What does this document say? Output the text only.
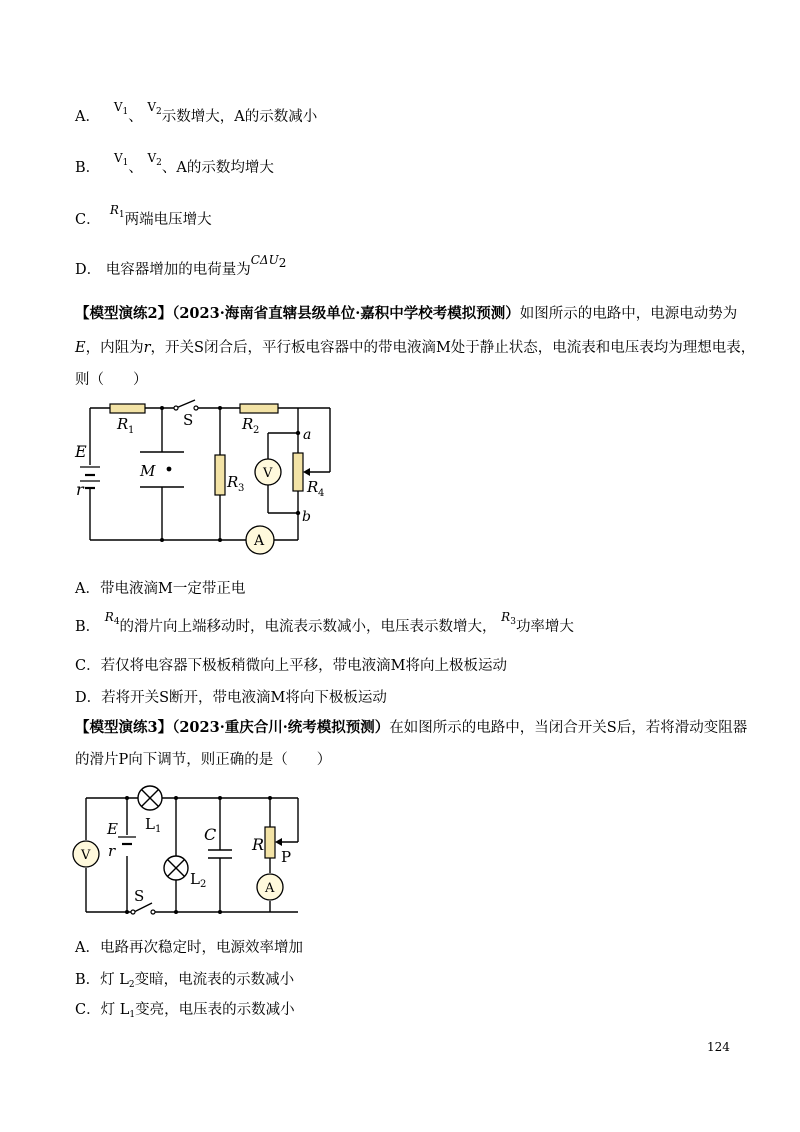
A．   $^{V_1}$、 $^{V_2}$示数增大，A的示数减小
B．   $^{V_1}$、 $^{V_2}$、A的示数均增大
C．  $^{R_1}$两端电压增大
D． 电容器增加的电荷量为$^{C\Delta U2}$
【模型演练2】（2023·海南省直辖县级单位·嘉积中学校考模拟预测）如图所示的电路中，电源电动势为
E，内阻为r，开关S闭合后，平行板电容器中的带电液滴M处于静止状态，电流表和电压表均为理想电表，
则（　　）
E
r
R 1
S
M
R 2
R 3	R 4
a
b
V
A
A．带电液滴M一定带正电
B． $^{R_4}$的滑片向上端移动时，电流表示数减小，电压表示数增大， $^{R_3}$功率增大
C．若仅将电容器下极板稍微向上平移，带电液滴M将向上极板运动
D．若将开关S断开，带电液滴M将向下极板运动
【模型演练3】（2023·重庆合川·统考模拟预测）在如图所示的电路中，当闭合开关S后，若将滑动变阻器
的滑片P向下调节，则正确的是（　　）
V
E
r
L 1	C
R
P
L 2
S	A
A．电路再次稳定时，电源效率增加
B．灯 $L_2$变暗，电流表的示数减小
C．灯 $L_1$变亮，电压表的示数减小
124
